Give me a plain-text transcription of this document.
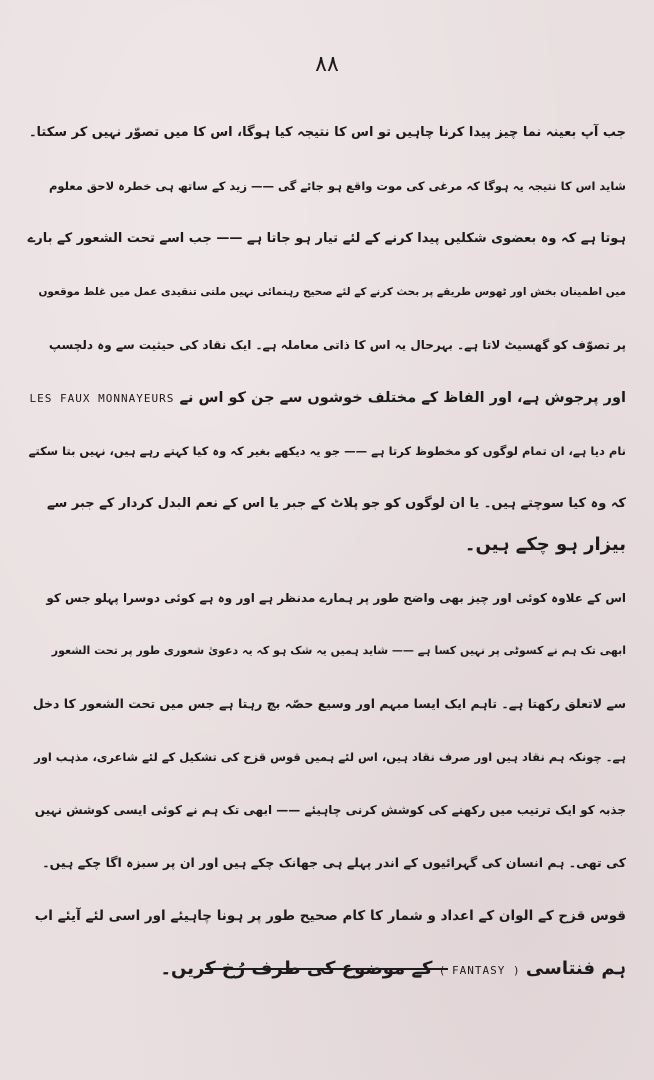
۸۸
جب آپ بعینہ نما چیز پیدا کرنا چاہیں تو اس کا نتیجہ کیا ہوگا، اس کا میں تصوّر نہیں کر سکتا۔
شاید اس کا نتیجہ یہ ہوگا کہ مرغی کی موت واقع ہو جائے گی —— زید کے ساتھ ہی خطرہ لاحق معلوم
ہوتا ہے کہ وہ بعضوی شکلیں پیدا کرنے کے لئے تیار ہو جاتا ہے —— جب اسے تحت الشعور کے بارے
میں اطمینان بخش اور ٹھوس طریقے پر بحث کرنے کے لئے صحیح رہنمائی نہیں ملتی تنقیدی عمل میں غلط موقعوں
پر تصوّف کو گھسیٹ لاتا ہے۔ بہرحال یہ اس کا ذاتی معاملہ ہے۔ ایک نقاد کی حیثیت سے وہ دلچسپ
اور پرجوش ہے، اور الفاظ کے مختلف خوشوں سے جن کو اس نے LES FAUX MONNAYEURS
نام دیا ہے، ان تمام لوگوں کو مخطوظ کرتا ہے —— جو یہ دیکھے بغیر کہ وہ کیا کہتے رہے ہیں، نہیں بتا سکتے
کہ وہ کیا سوچتے ہیں۔ یا ان لوگوں کو جو پلاٹ کے جبر یا اس کے نعم البدل کردار کے جبر سے
بیزار ہو چکے ہیں۔
اس کے علاوہ کوئی اور چیز بھی واضح طور پر ہمارے مدنظر ہے اور وہ ہے کوئی دوسرا پہلو جس کو
ابھی تک ہم نے کسوٹی پر نہیں کسا ہے —— شاید ہمیں یہ شک ہو کہ یہ دعویٰ شعوری طور پر تحت الشعور
سے لاتعلق رکھتا ہے۔ تاہم ایک ایسا مبہم اور وسیع حصّہ بچ رہتا ہے جس میں تحت الشعور کا دخل
ہے۔ چونکہ ہم نقاد ہیں اور صرف نقاد ہیں، اس لئے ہمیں قوس قزح کی تشکیل کے لئے شاعری، مذہب اور
جذبہ کو ایک ترتیب میں رکھنے کی کوشش کرنی چاہیئے —— ابھی تک ہم نے کوئی ایسی کوشش نہیں
کی تھی۔ ہم انسان کی گہرائیوں کے اندر پہلے ہی جھانک چکے ہیں اور ان پر سبزہ اگا چکے ہیں۔
قوس قزح کے الوان کے اعداد و شمار کا کام صحیح طور پر ہونا چاہیئے اور اسی لئے آیئے اب
ہم فنتاسی ( FANTASY ) کے موضوع کی طرف رُخ کریں۔
